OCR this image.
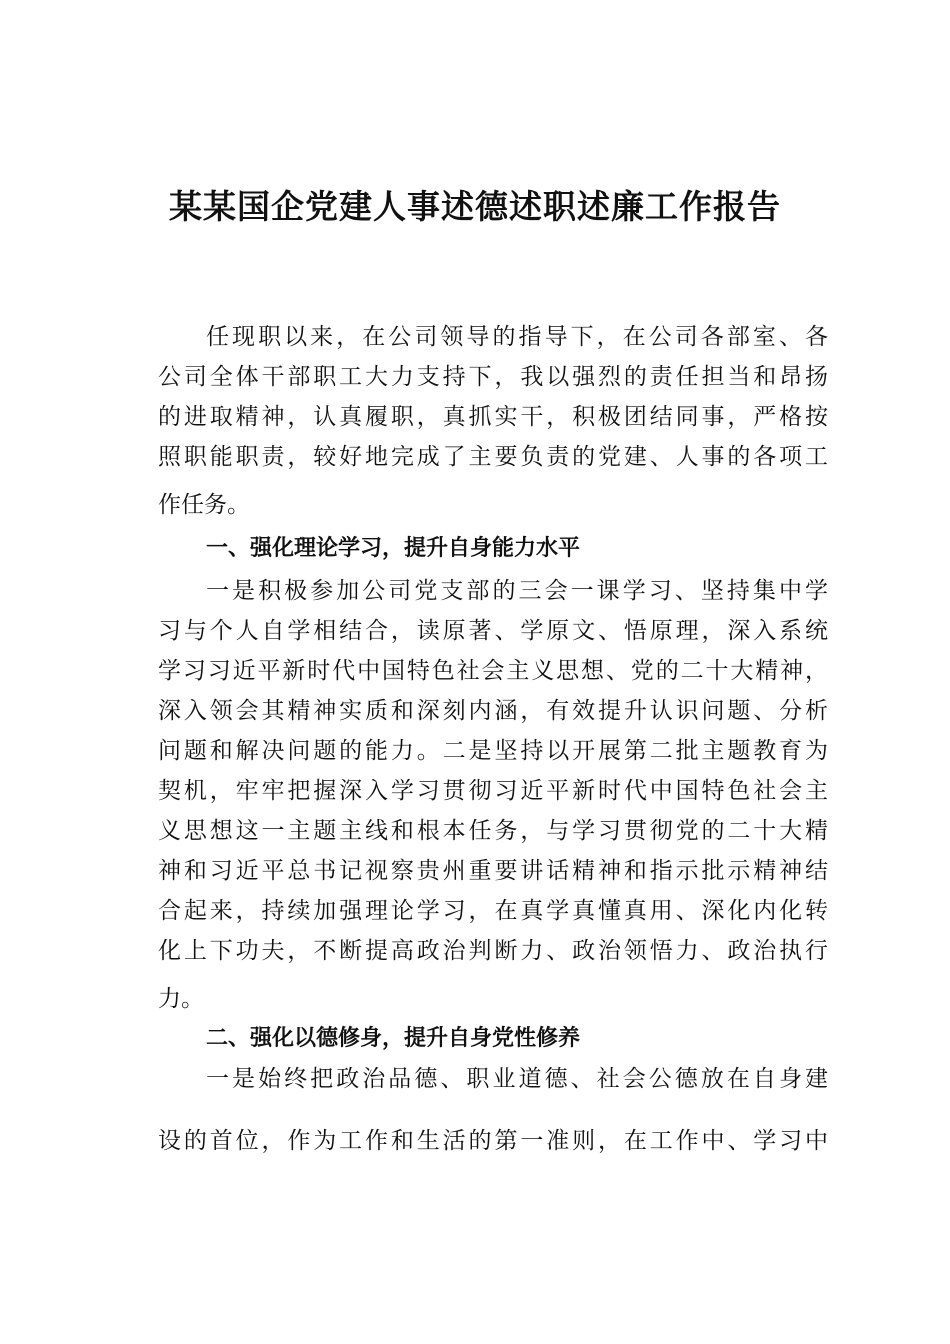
某某国企党建人事述德述职述廉工作报告
任现职以来，在公司领导的指导下，在公司各部室、各
公司全体干部职工大力支持下，我以强烈的责任担当和昂扬
的进取精神，认真履职，真抓实干，积极团结同事，严格按
照职能职责，较好地完成了主要负责的党建、人事的各项工
作任务。
一、强化理论学习，提升自身能力水平
一是积极参加公司党支部的三会一课学习、坚持集中学
习与个人自学相结合，读原著、学原文、悟原理，深入系统
学习习近平新时代中国特色社会主义思想、党的二十大精神，
深入领会其精神实质和深刻内涵，有效提升认识问题、分析
问题和解决问题的能力。二是坚持以开展第二批主题教育为
契机，牢牢把握深入学习贯彻习近平新时代中国特色社会主
义思想这一主题主线和根本任务，与学习贯彻党的二十大精
神和习近平总书记视察贵州重要讲话精神和指示批示精神结
合起来，持续加强理论学习，在真学真懂真用、深化内化转
化上下功夫，不断提高政治判断力、政治领悟力、政治执行
力。
二、强化以德修身，提升自身党性修养
一是始终把政治品德、职业道德、社会公德放在自身建
设的首位，作为工作和生活的第一准则，在工作中、学习中
